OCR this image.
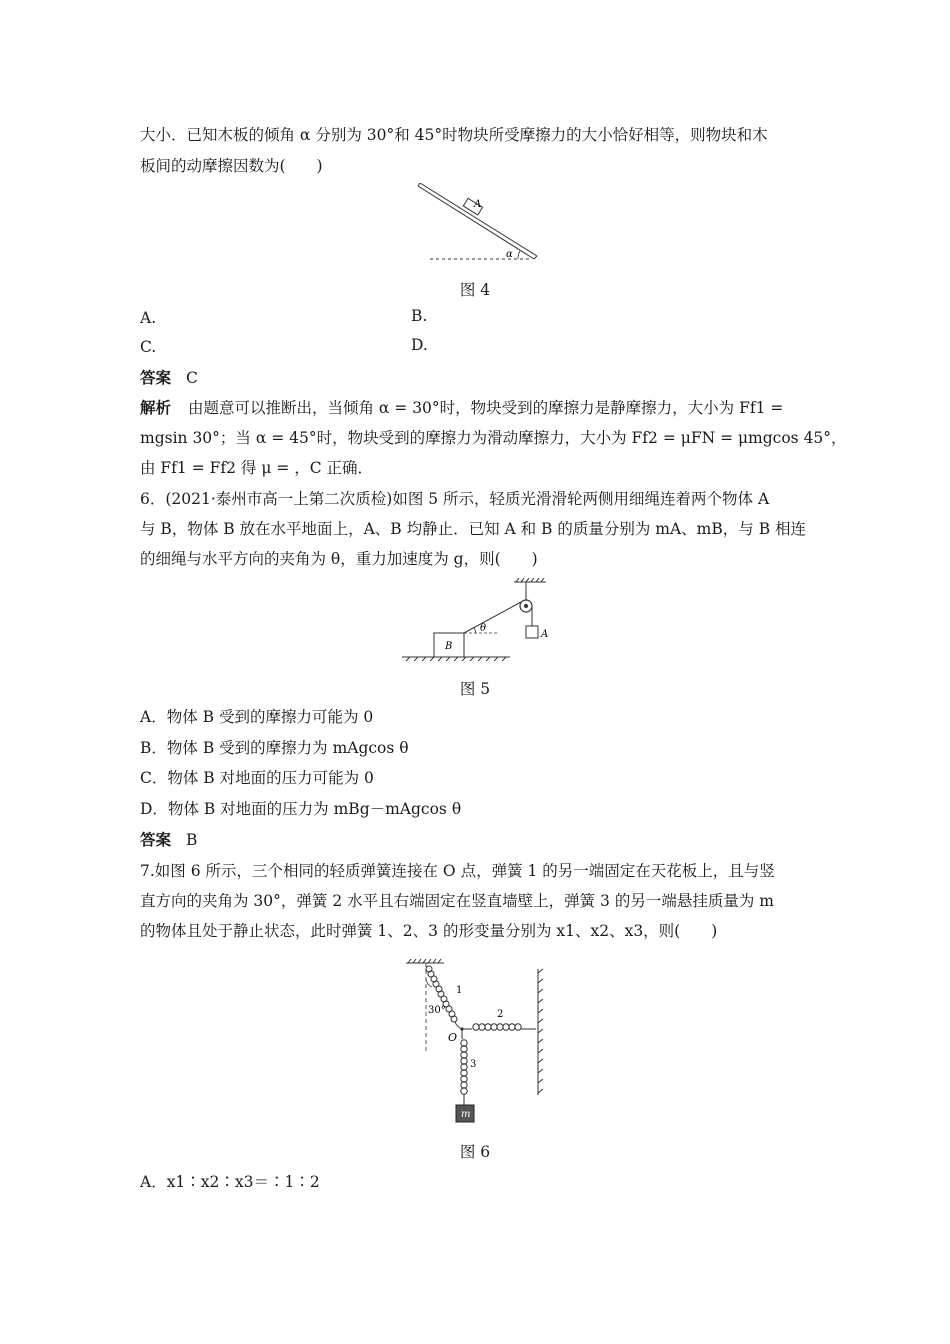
大小．已知木板的倾角 α 分别为 30°和 45°时物块所受摩擦力的大小恰好相等，则物块和木
板间的动摩擦因数为(　　)
A
α
图 4
A.	B.
C.	D.
答案 C
解析 由题意可以推断出，当倾角 α = 30°时，物块受到的摩擦力是静摩擦力，大小为 Ff1 =
mgsin 30°；当 α = 45°时，物块受到的摩擦力为滑动摩擦力，大小为 Ff2 = μFN = μmgcos 45°，
由 Ff1 = Ff2 得 μ = ，C 正确．
6．(2021·泰州市高一上第二次质检)如图 5 所示，轻质光滑滑轮两侧用细绳连着两个物体 A
与 B，物体 B 放在水平地面上，A、B 均静止．已知 A 和 B 的质量分别为 mA、mB，与 B 相连
的细绳与水平方向的夹角为 θ，重力加速度为 g，则(　　)
A
B
θ
图 5
A．物体 B 受到的摩擦力可能为 0
B．物体 B 受到的摩擦力为 mAgcos θ
C．物体 B 对地面的压力可能为 0
D．物体 B 对地面的压力为 mBg－mAgcos θ
答案 B
7.如图 6 所示，三个相同的轻质弹簧连接在 O 点，弹簧 1 的另一端固定在天花板上，且与竖
直方向的夹角为 30°，弹簧 2 水平且右端固定在竖直墙壁上，弹簧 3 的另一端悬挂质量为 m
的物体且处于静止状态，此时弹簧 1、2、3 的形变量分别为 x1、x2、x3，则(　　)
1
30°	2
O
3
m
图 6
A．x1∶x2∶x3＝∶1∶2
